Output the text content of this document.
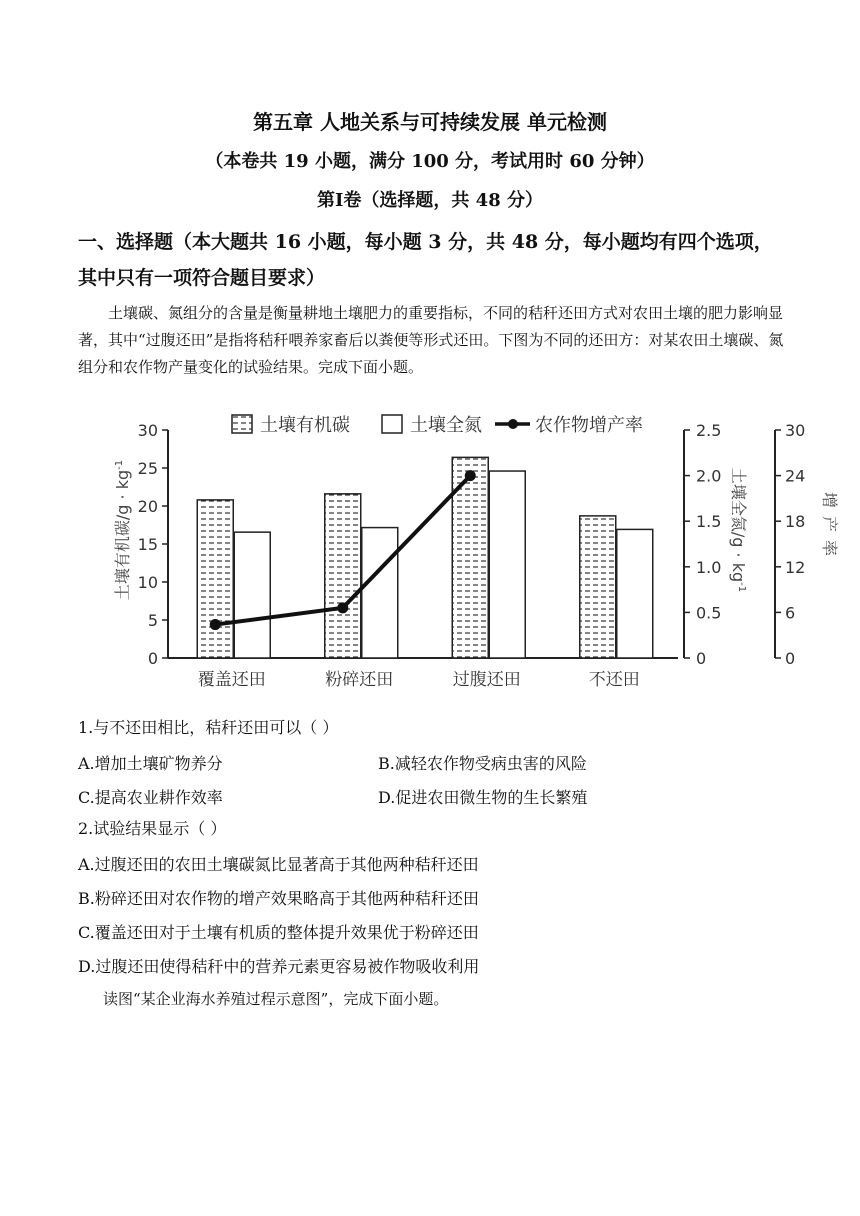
第五章 人地关系与可持续发展 单元检测
（本卷共 19 小题，满分 100 分，考试用时 60 分钟）
第Ⅰ卷（选择题，共 48 分）
一、选择题（本大题共 16 小题，每小题 3 分，共 48 分，每小题均有四个选项，其中只有一项符合题目要求）
土壤碳、氮组分的含量是衡量耕地土壤肥力的重要指标，不同的秸秆还田方式对农田土壤的肥力影响显著，其中“过腹还田”是指将秸秆喂养家畜后以粪便等形式还田。下图为不同的还田方：对某农田土壤碳、氮组分和农作物产量变化的试验结果。完成下面小题。
0
5
10
15
20
25
30
0
0.5
1.0
1.5
2.0
2.5
0
6
12
18
24
30
土壤有机碳$/g \cdot kg^{-1}$
土壤全氮$/g \cdot kg^{-1}$
增
产
率
覆盖还田	粉碎还田	过腹还田	不还田
土壤有机碳	土壤全氮	农作物增产率
1.与不还田相比，秸秆还田可以（ ）
A.增加土壤矿物养分	B.减轻农作物受病虫害的风险
C.提高农业耕作效率	D.促进农田微生物的生长繁殖
2.试验结果显示（ ）
A.过腹还田的农田土壤碳氮比显著高于其他两种秸秆还田
B.粉碎还田对农作物的增产效果略高于其他两种秸秆还田
C.覆盖还田对于土壤有机质的整体提升效果优于粉碎还田
D.过腹还田使得秸秆中的营养元素更容易被作物吸收利用
读图“某企业海水养殖过程示意图”，完成下面小题。
